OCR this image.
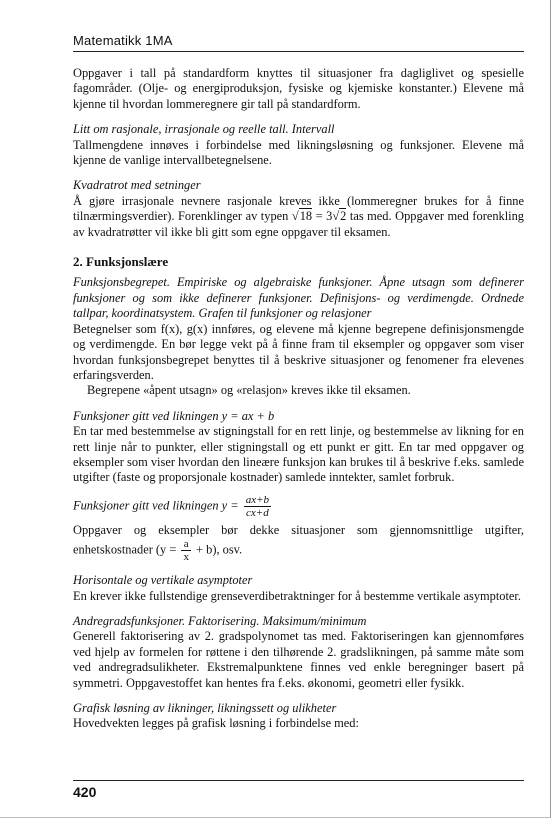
Matematikk 1MA

Oppgaver i tall på standardform knyttes til situasjoner fra dagliglivet og spesielle fagområder. (Olje- og energiproduksjon, fysiske og kjemiske konstanter.) Elevene må kjenne til hvordan lommeregnere gir tall på standardform.

Litt om rasjonale, irrasjonale og reelle tall. Intervall

Tallmengdene innøves i forbindelse med likningsløsning og funksjoner. Elevene må kjenne de vanlige intervallbetegnelsene.

Kvadratrot med setninger

Å gjøre irrasjonale nevnere rasjonale kreves ikke (lommeregner brukes for å finne tilnærmingsverdier). Forenklinger av typen √18 = 3√2 tas med. Oppgaver med forenkling av kvadratrøtter vil ikke bli gitt som egne oppgaver til eksamen.

2. Funksjonslære

Funksjonsbegrepet. Empiriske og algebraiske funksjoner. Åpne utsagn som definerer funksjoner og som ikke definerer funksjoner. Definisjons- og verdimengde. Ordnede tallpar, koordinatsystem. Grafen til funksjoner og relasjoner

Betegnelser som f(x), g(x) innføres, og elevene må kjenne begrepene definisjonsmengde og verdimengde. En bør legge vekt på å finne fram til eksempler og oppgaver som viser hvordan funksjonsbegrepet benyttes til å beskrive situasjoner og fenomener fra elevenes erfaringsverden.

Begrepene «åpent utsagn» og «relasjon» kreves ikke til eksamen.

Funksjoner gitt ved likningen y = ax + b

En tar med bestemmelse av stigningstall for en rett linje, og bestemmelse av likning for en rett linje når to punkter, eller stigningstall og ett punkt er gitt. En tar med oppgaver og eksempler som viser hvordan den lineære funksjon kan brukes til å beskrive f.eks. samlede utgifter (faste og proporsjonale kostnader) samlede inntekter, samlet forbruk.

Funksjoner gitt ved likningen $y = \frac{ax+b}{cx+d}$

Oppgaver og eksempler bør dekke situasjoner som gjennomsnittlige utgifter, enhetskostnader $(y = \frac{a}{x} + b)$, osv.

Horisontale og vertikale asymptoter

En krever ikke fullstendige grenseverdibetraktninger for å bestemme vertikale asymptoter.

Andregradsfunksjoner. Faktorisering. Maksimum/minimum

Generell faktorisering av 2. gradspolynomet tas med. Faktoriseringen kan gjennomføres ved hjelp av formelen for røttene i den tilhørende 2. gradslikningen, på samme måte som ved andregradsulikheter. Ekstremalpunktene finnes ved enkle beregninger basert på symmetri. Oppgavestoffet kan hentes fra f.eks. økonomi, geometri eller fysikk.

Grafisk løsning av likninger, likningssett og ulikheter

Hovedvekten legges på grafisk løsning i forbindelse med:

420
